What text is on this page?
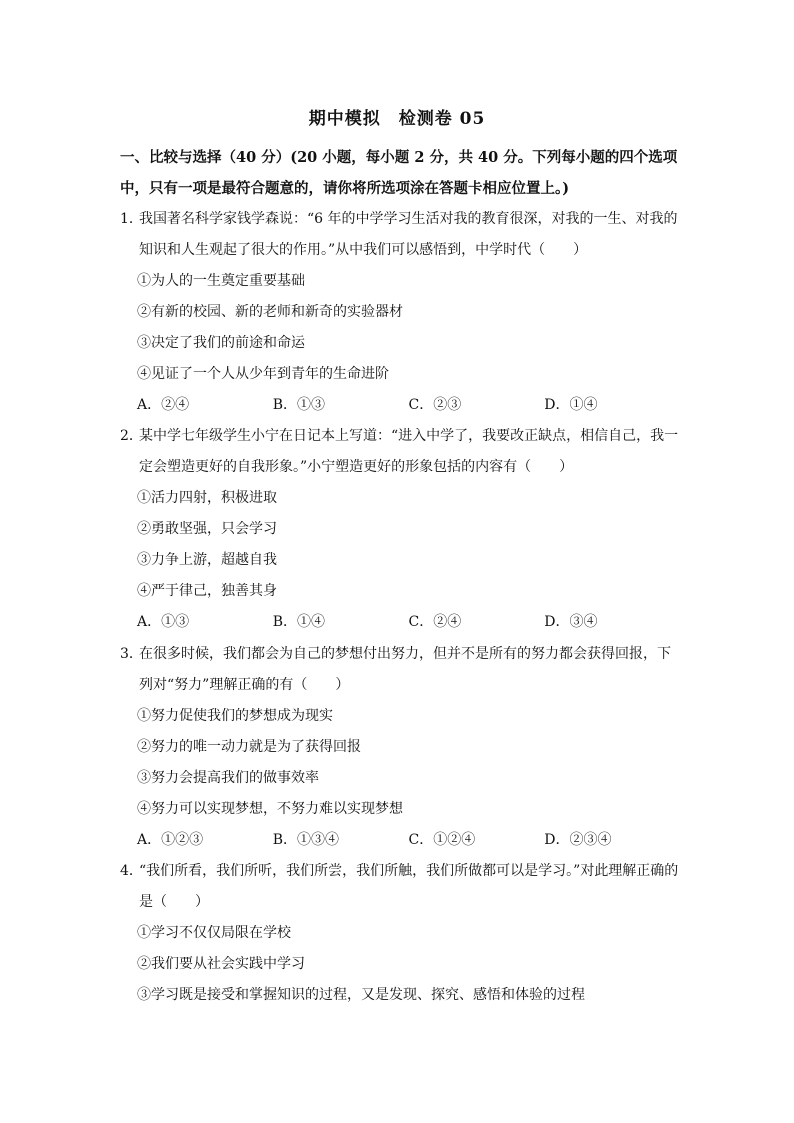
期中模拟　检测卷 05
一、比较与选择（40 分）(20 小题，每小题 2 分，共 40 分。下列每小题的四个选项中，只有一项是最符合题意的，请你将所选项涂在答题卡相应位置上。)

1．我国著名科学家钱学森说：“6 年的中学学习生活对我的教育很深，对我的一生、对我的知识和人生观起了很大的作用。”从中我们可以感悟到，中学时代（　　）

①为人的一生奠定重要基础

②有新的校园、新的老师和新奇的实验器材

③决定了我们的前途和命运

④见证了一个人从少年到青年的生命进阶

A．②④	B．①③	C．②③	D．①④

2．某中学七年级学生小宁在日记本上写道：“进入中学了，我要改正缺点，相信自己，我一定会塑造更好的自我形象。”小宁塑造更好的形象包括的内容有（　　）

①活力四射，积极进取

②勇敢坚强，只会学习

③力争上游，超越自我

④严于律己，独善其身

A．①③	B．①④	C．②④	D．③④

3．在很多时候，我们都会为自己的梦想付出努力，但并不是所有的努力都会获得回报，下列对“努力”理解正确的有（　　）

①努力促使我们的梦想成为现实

②努力的唯一动力就是为了获得回报

③努力会提高我们的做事效率

④努力可以实现梦想，不努力难以实现梦想

A．①②③	B．①③④	C．①②④	D．②③④

4．“我们所看，我们所听，我们所尝，我们所触，我们所做都可以是学习。”对此理解正确的是（　　）

①学习不仅仅局限在学校

②我们要从社会实践中学习

③学习既是接受和掌握知识的过程，又是发现、探究、感悟和体验的过程
